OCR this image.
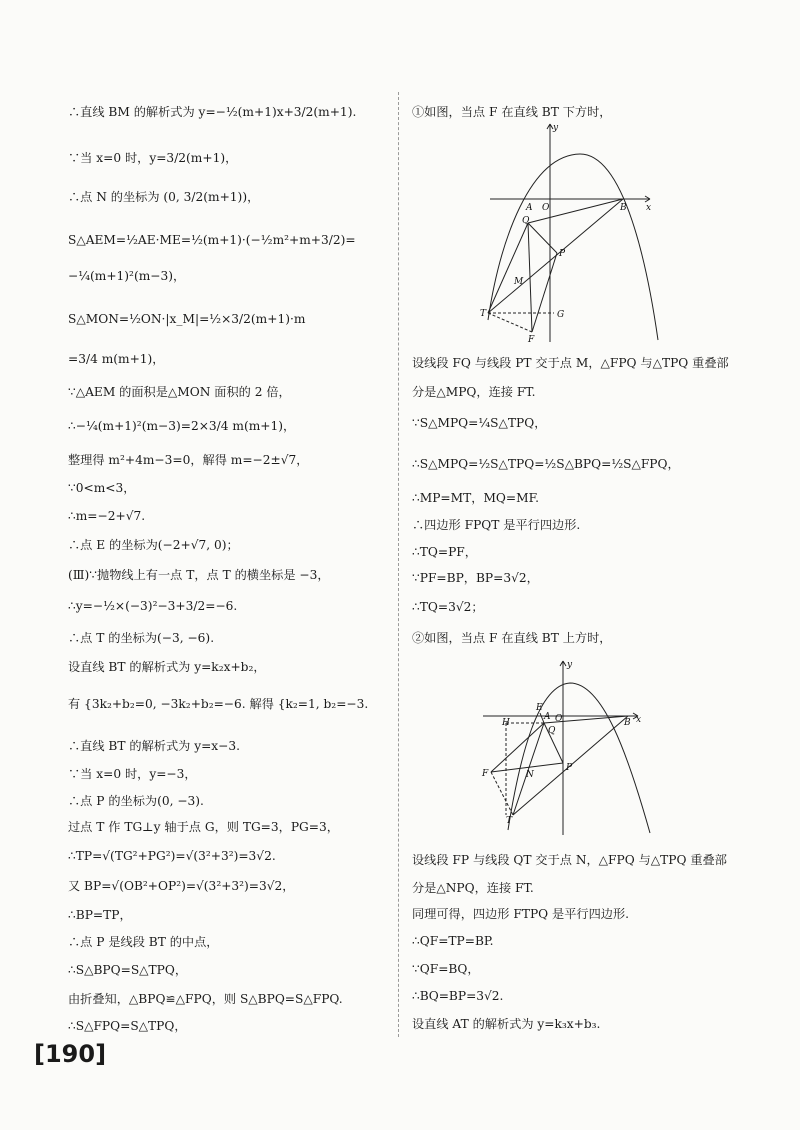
∴直线 BM 的解析式为 y=−½(m+1)x+3/2(m+1).
∵当 x=0 时，y=3/2(m+1)，
∴点 N 的坐标为 (0, 3/2(m+1))，
S△AEM=½AE·ME=½(m+1)·(−½m²+m+3/2)=
−¼(m+1)²(m−3)，
S△MON=½ON·|x_M|=½×3/2(m+1)·m
=3/4 m(m+1)，
∵△AEM 的面积是△MON 面积的 2 倍，
∴−¼(m+1)²(m−3)=2×3/4 m(m+1)，
整理得 m²+4m−3=0，解得 m=−2±√7，
∵0<m<3，
∴m=−2+√7.
∴点 E 的坐标为(−2+√7, 0)；
(Ⅲ)∵抛物线上有一点 T，点 T 的横坐标是 −3，
∴y=−½×(−3)²−3+3/2=−6.
∴点 T 的坐标为(−3, −6).
设直线 BT 的解析式为 y=k₂x+b₂，
有 {3k₂+b₂=0, −3k₂+b₂=−6. 解得 {k₂=1, b₂=−3.
∴直线 BT 的解析式为 y=x−3.
∵当 x=0 时，y=−3，
∴点 P 的坐标为(0, −3).
过点 T 作 TG⊥y 轴于点 G，则 TG=3，PG=3，
∴TP=√(TG²+PG²)=√(3²+3²)=3√2.
又 BP=√(OB²+OP²)=√(3²+3²)=3√2，
∴BP=TP，
∴点 P 是线段 BT 的中点，
∴S△BPQ=S△TPQ，
由折叠知，△BPQ≌△FPQ，则 S△BPQ=S△FPQ.
∴S△FPQ=S△TPQ，
①如图，当点 F 在直线 BT 下方时，
设线段 FQ 与线段 PT 交于点 M，△FPQ 与△TPQ 重叠部
分是△MPQ，连接 FT.
∵S△MPQ=¼S△TPQ，
∴S△MPQ=½S△TPQ=½S△BPQ=½S△FPQ，
∴MP=MT，MQ=MF.
∴四边形 FPQT 是平行四边形.
∴TQ=PF，
∵PF=BP，BP=3√2，
∴TQ=3√2；
②如图，当点 F 在直线 BT 上方时，
设线段 FP 与线段 QT 交于点 N，△FPQ 与△TPQ 重叠部
分是△NPQ，连接 FT.
同理可得，四边形 FTPQ 是平行四边形.
∴QF=TP=BP.
∵QF=BQ，
∴BQ=BP=3√2.
设直线 AT 的解析式为 y=k₃x+b₃.
y
A O	B x
Q
P
M
T	G
F
y
E
H
A O	B x
Q
P
F	N
T
[190]
